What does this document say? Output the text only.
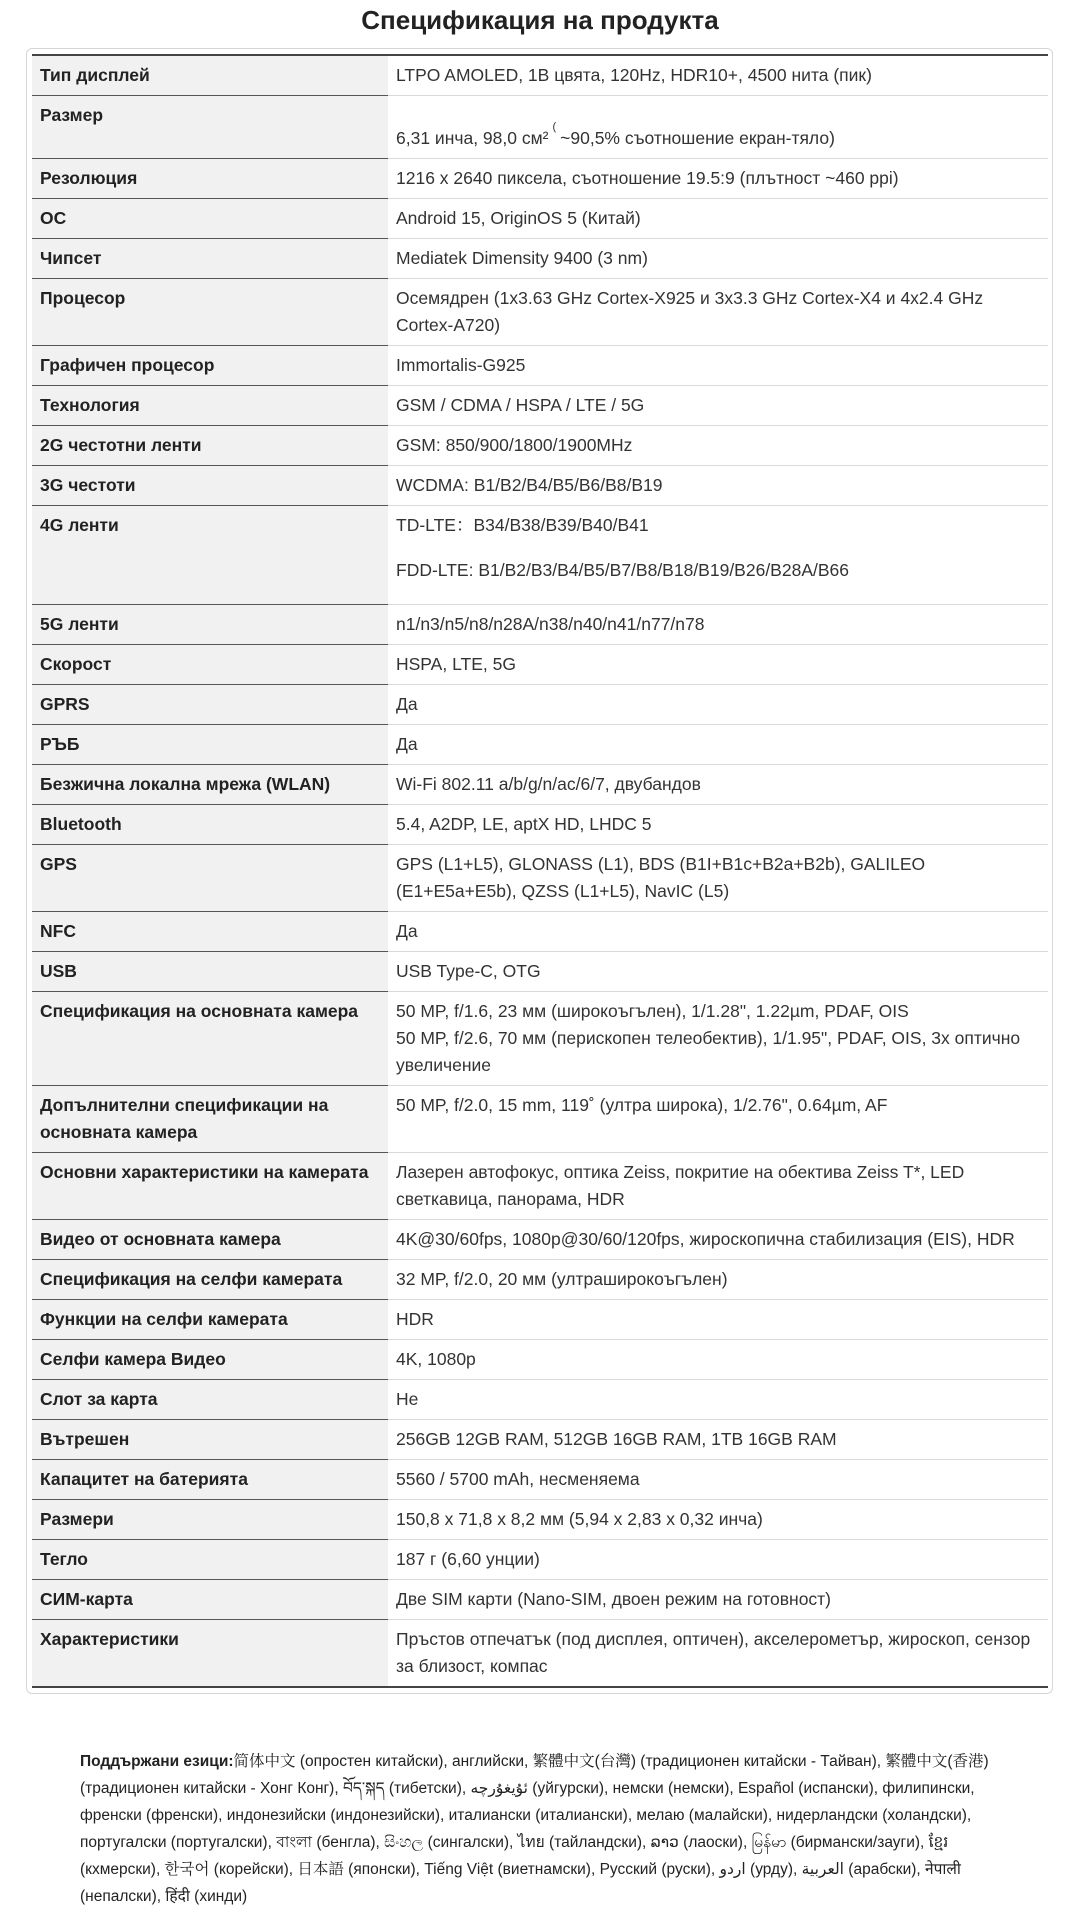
Спецификация на продукта
Тип дисплей	LTPO AMOLED, 1B цвята, 120Hz, HDR10+, 4500 нита (пик)
Размер	6,31 инча, 98,0 см²(~90,5% съотношение екран-тяло)
Резолюция	1216 x 2640 пиксела, съотношение 19.5:9 (плътност ~460 ppi)
ОС	Android 15, OriginOS 5 (Китай)
Чипсет	Mediatek Dimensity 9400 (3 nm)
Процесор	Осемядрен (1x3.63 GHz Cortex-X925 и 3x3.3 GHz Cortex-X4 и 4x2.4 GHz Cortex-A720)
Графичен процесор	Immortalis-G925
Технология	GSM / CDMA / HSPA / LTE / 5G
2G честотни ленти	GSM: 850/900/1800/1900MHz
3G честоти	WCDMA: B1/B2/B4/B5/B6/B8/B19
4G ленти	TD-LTE：B34/B38/B39/B40/B41
FDD-LTE: B1/B2/B3/B4/B5/B7/B8/B18/B19/B26/B28A/B66

5G ленти	n1/n3/n5/n8/n28A/n38/n40/n41/n77/n78
Скорост	HSPA, LTE, 5G
GPRS	Да
РЪБ	Да
Безжична локална мрежа (WLAN)	Wi-Fi 802.11 a/b/g/n/ac/6/7, двубандов
Bluetooth	5.4, A2DP, LE, aptX HD, LHDC 5
GPS	GPS (L1+L5), GLONASS (L1), BDS (B1I+B1c+B2a+B2b), GALILEO (E1+E5a+E5b), QZSS (L1+L5), NavIC (L5)
NFC	Да
USB	USB Type-C, OTG
Спецификация на основната камера	50 MP, f/1.6, 23 мм (широкоъгълен), 1/1.28", 1.22µm, PDAF, OIS
50 MP, f/2.6, 70 мм (перископен телеобектив), 1/1.95", PDAF, OIS, 3x оптично увеличение

Допълнителни спецификации на основната камера	50 MP, f/2.0, 15 mm, 119˚ (ултра широка), 1/2.76", 0.64µm, AF
Основни характеристики на камерата	Лазерен автофокус, оптика Zeiss, покритие на обектива Zeiss T*, LED светкавица, панорама, HDR
Видео от основната камера	4K@30/60fps, 1080p@30/60/120fps, жироскопична стабилизация (EIS), HDR
Спецификация на селфи камерата	32 MP, f/2.0, 20 мм (ултраширокоъгълен)
Функции на селфи камерата	HDR
Селфи камера Видео	4K, 1080p
Слот за карта	Не
Вътрешен	256GB 12GB RAM, 512GB 16GB RAM, 1TB 16GB RAM
Капацитет на батерията	5560 / 5700 mAh, несменяема
Размери	150,8 x 71,8 x 8,2 мм (5,94 x 2,83 x 0,32 инча)
Тегло	187 г (6,60 унции)
СИМ-карта	Две SIM карти (Nano-SIM, двоен режим на готовност)
Характеристики	Пръстов отпечатък (под дисплея, оптичен), акселерометър, жироскоп, сензор за близост, компас
Поддържани езици:简体中文 (опростен китайски), английски, 繁體中文(台灣) (традиционен китайски - Тайван), 繁體中文(香港) (традиционен китайски - Хонг Конг), བོད་སྐད (тибетски), ئۇيغۇرچە (уйгурски), немски (немски), Español (испански), филипински, френски (френски), индонезийски (индонезийски), италиански (италиански), мелаю (малайски), нидерландски (холандски), португалски (португалски), বাংলা (бенгла), සිංහල (сингалски), ไทย (тайландски), ລາວ (лаоски), မြန်မာ (бирмански/зауги), ខ្មែរ (кхмерски), 한국어 (корейски), 日本語 (японски), Tiếng Việt (виетнамски), Русский (руски), اردو (урду), العربية (арабски), नेपाली (непалски), हिंदी (хинди)
